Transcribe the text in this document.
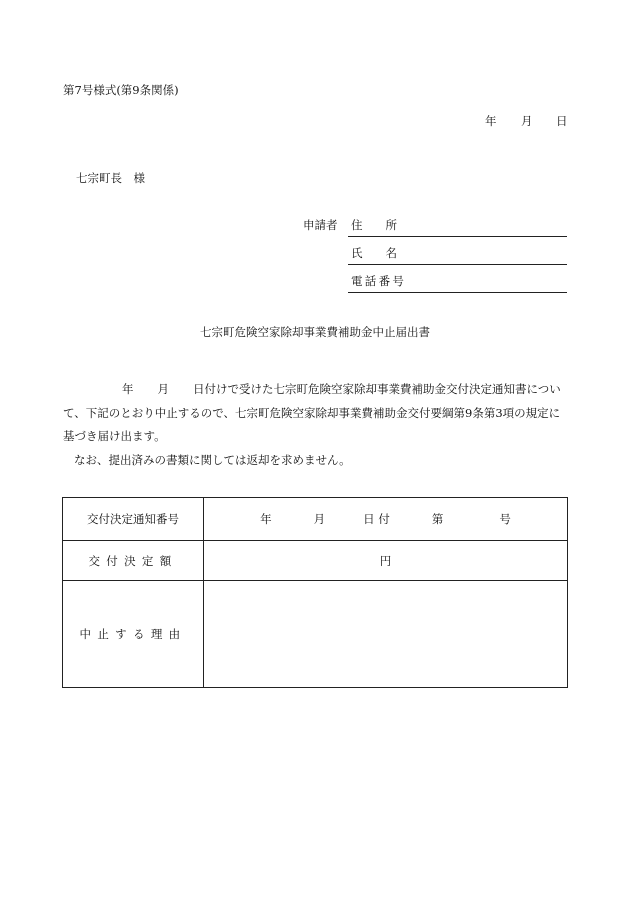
第7号様式(第9条関係)
年 月 日
七宗町長　様
申請者 住　　所
氏　　名
電話番号
七宗町危険空家除却事業費補助金中止届出書

年 月 日付けで受けた七宗町危険空家除却事業費補助金交付決定通知書につい

て、下記のとおり中止するので、七宗町危険空家除却事業費補助金交付要綱第9条第3項の規定に

基づき届け出ます。

なお、提出済みの書類に関しては返却を求めません。

交付決定通知番号	年 月 日 付 第 号
交付決定額	円
中止する理由	
